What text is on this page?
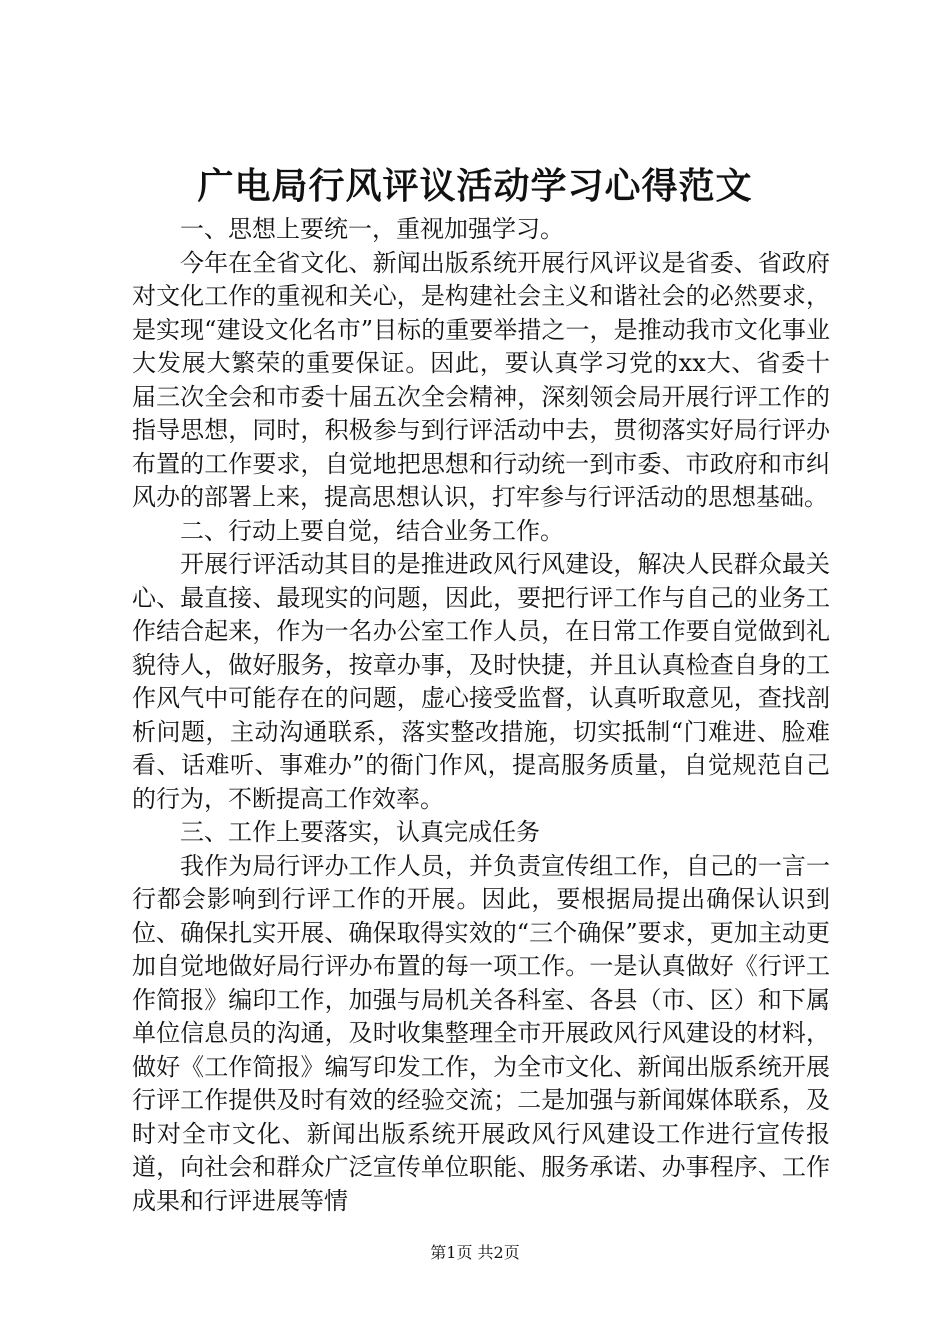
广电局行风评议活动学习心得范文

一、思想上要统一，重视加强学习。

今年在全省文化、新闻出版系统开展行风评议是省委、省政府对文化工作的重视和关心，是构建社会主义和谐社会的必然要求，是实现“建设文化名市”目标的重要举措之一，是推动我市文化事业大发展大繁荣的重要保证。因此，要认真学习党的xx大、省委十届三次全会和市委十届五次全会精神，深刻领会局开展行评工作的指导思想，同时，积极参与到行评活动中去，贯彻落实好局行评办布置的工作要求，自觉地把思想和行动统一到市委、市政府和市纠风办的部署上来，提高思想认识，打牢参与行评活动的思想基础。

二、行动上要自觉，结合业务工作。

开展行评活动其目的是推进政风行风建设，解决人民群众最关心、最直接、最现实的问题，因此，要把行评工作与自己的业务工作结合起来，作为一名办公室工作人员，在日常工作要自觉做到礼貌待人，做好服务，按章办事，及时快捷，并且认真检查自身的工作风气中可能存在的问题，虚心接受监督，认真听取意见，查找剖析问题，主动沟通联系，落实整改措施，切实抵制“门难进、脸难看、话难听、事难办”的衙门作风，提高服务质量，自觉规范自己的行为，不断提高工作效率。

三、工作上要落实，认真完成任务

我作为局行评办工作人员，并负责宣传组工作，自己的一言一行都会影响到行评工作的开展。因此，要根据局提出确保认识到位、确保扎实开展、确保取得实效的“三个确保”要求，更加主动更加自觉地做好局行评办布置的每一项工作。一是认真做好《行评工作简报》编印工作，加强与局机关各科室、各县（市、区）和下属单位信息员的沟通，及时收集整理全市开展政风行风建设的材料，做好《工作简报》编写印发工作，为全市文化、新闻出版系统开展行评工作提供及时有效的经验交流；二是加强与新闻媒体联系，及时对全市文化、新闻出版系统开展政风行风建设工作进行宣传报道，向社会和群众广泛宣传单位职能、服务承诺、办事程序、工作成果和行评进展等情

第1页 共2页
